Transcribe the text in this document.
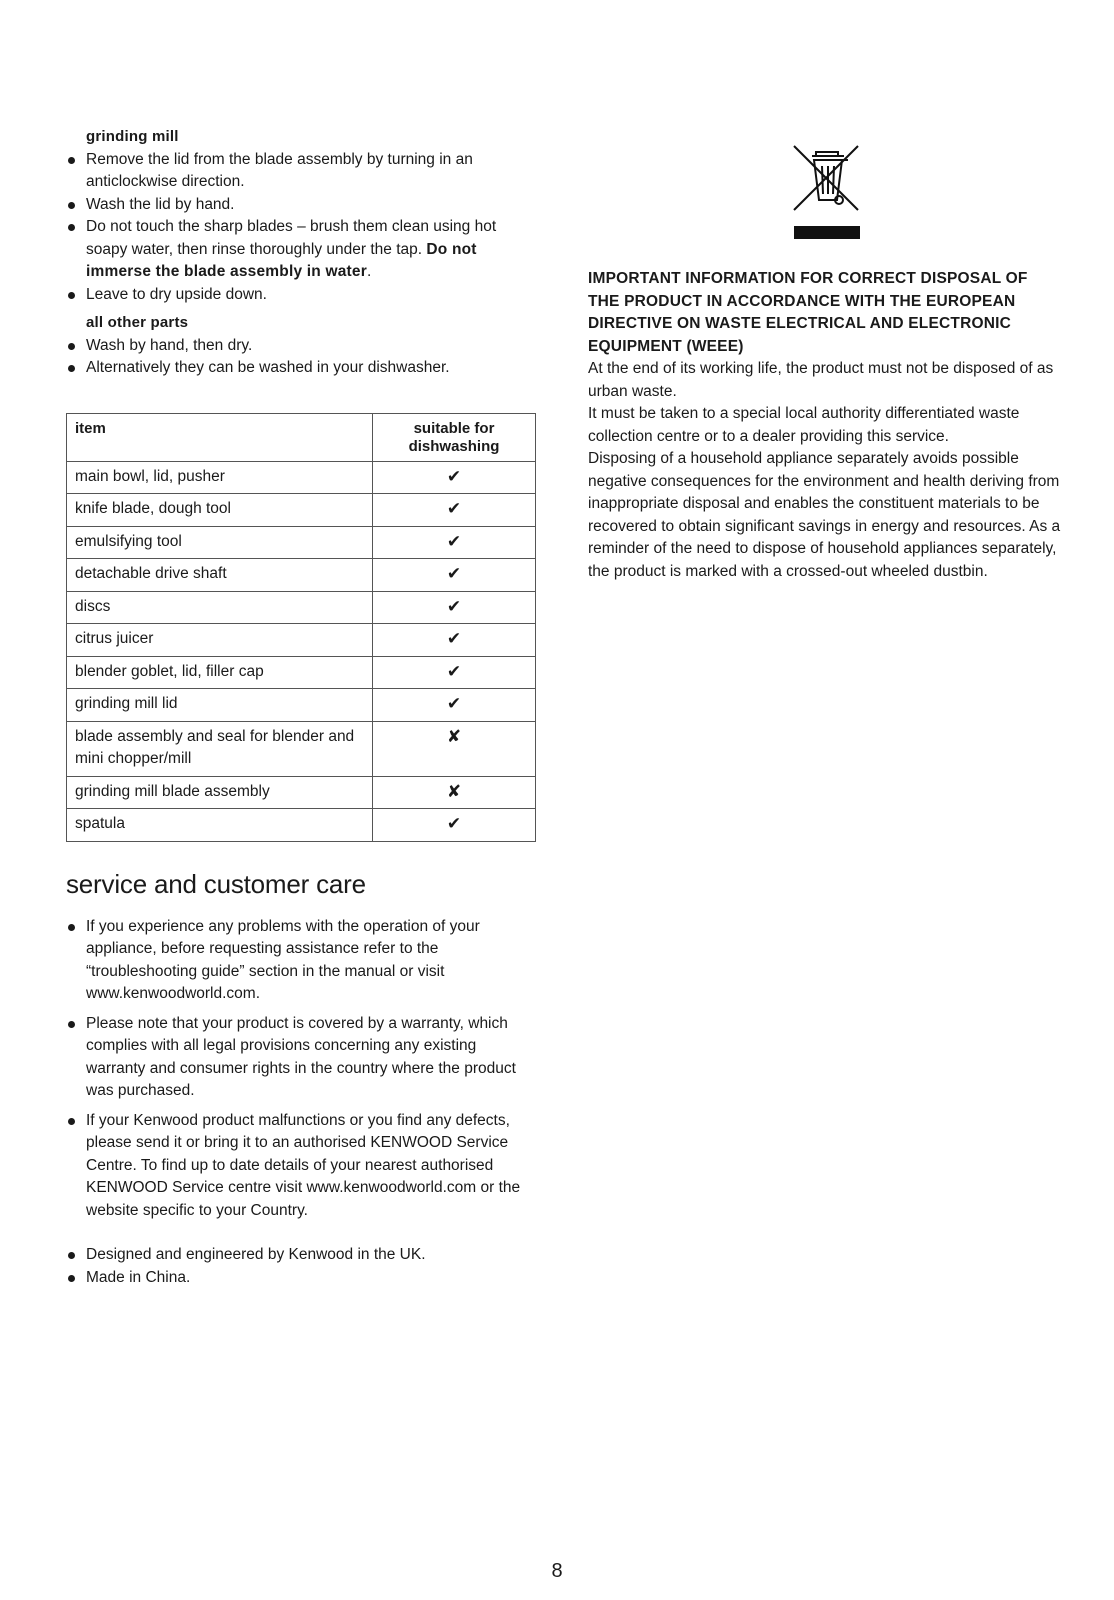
grinding mill
Remove the lid from the blade assembly by turning in an anticlockwise direction.
Wash the lid by hand.
Do not touch the sharp blades – brush them clean using hot soapy water, then rinse thoroughly under the tap. Do not immerse the blade assembly in water.
Leave to dry upside down.
all other parts
Wash by hand, then dry.
Alternatively they can be washed in your dishwasher.
item	suitable for dishwashing
main bowl, lid, pusher	✔
knife blade, dough tool	✔
emulsifying tool	✔
detachable drive shaft	✔
discs	✔
citrus juicer	✔
blender goblet, lid, filler cap	✔
grinding mill lid	✔
blade assembly and seal for blender and mini chopper/mill	✘
grinding mill blade assembly	✘
spatula	✔
service and customer care
If you experience any problems with the operation of your appliance, before requesting assistance refer to the “troubleshooting guide” section in the manual or visit www.kenwoodworld.com.
Please note that your product is covered by a warranty, which complies with all legal provisions concerning any existing warranty and consumer rights in the country where the product was purchased.
If your Kenwood product malfunctions or you find any defects, please send it or bring it to an authorised KENWOOD Service Centre. To find up to date details of your nearest authorised KENWOOD Service centre visit www.kenwoodworld.com or the website specific to your Country.
Designed and engineered by Kenwood in the UK.
Made in China.
IMPORTANT INFORMATION FOR CORRECT DISPOSAL OF THE PRODUCT IN ACCORDANCE WITH THE EUROPEAN DIRECTIVE ON WASTE ELECTRICAL AND ELECTRONIC EQUIPMENT (WEEE)

At the end of its working life, the product must not be disposed of as urban waste.

It must be taken to a special local authority differentiated waste collection centre or to a dealer providing this service.

Disposing of a household appliance separately avoids possible negative consequences for the environment and health deriving from inappropriate disposal and enables the constituent materials to be recovered to obtain significant savings in energy and resources. As a reminder of the need to dispose of household appliances separately, the product is marked with a crossed-out wheeled dustbin.

8
